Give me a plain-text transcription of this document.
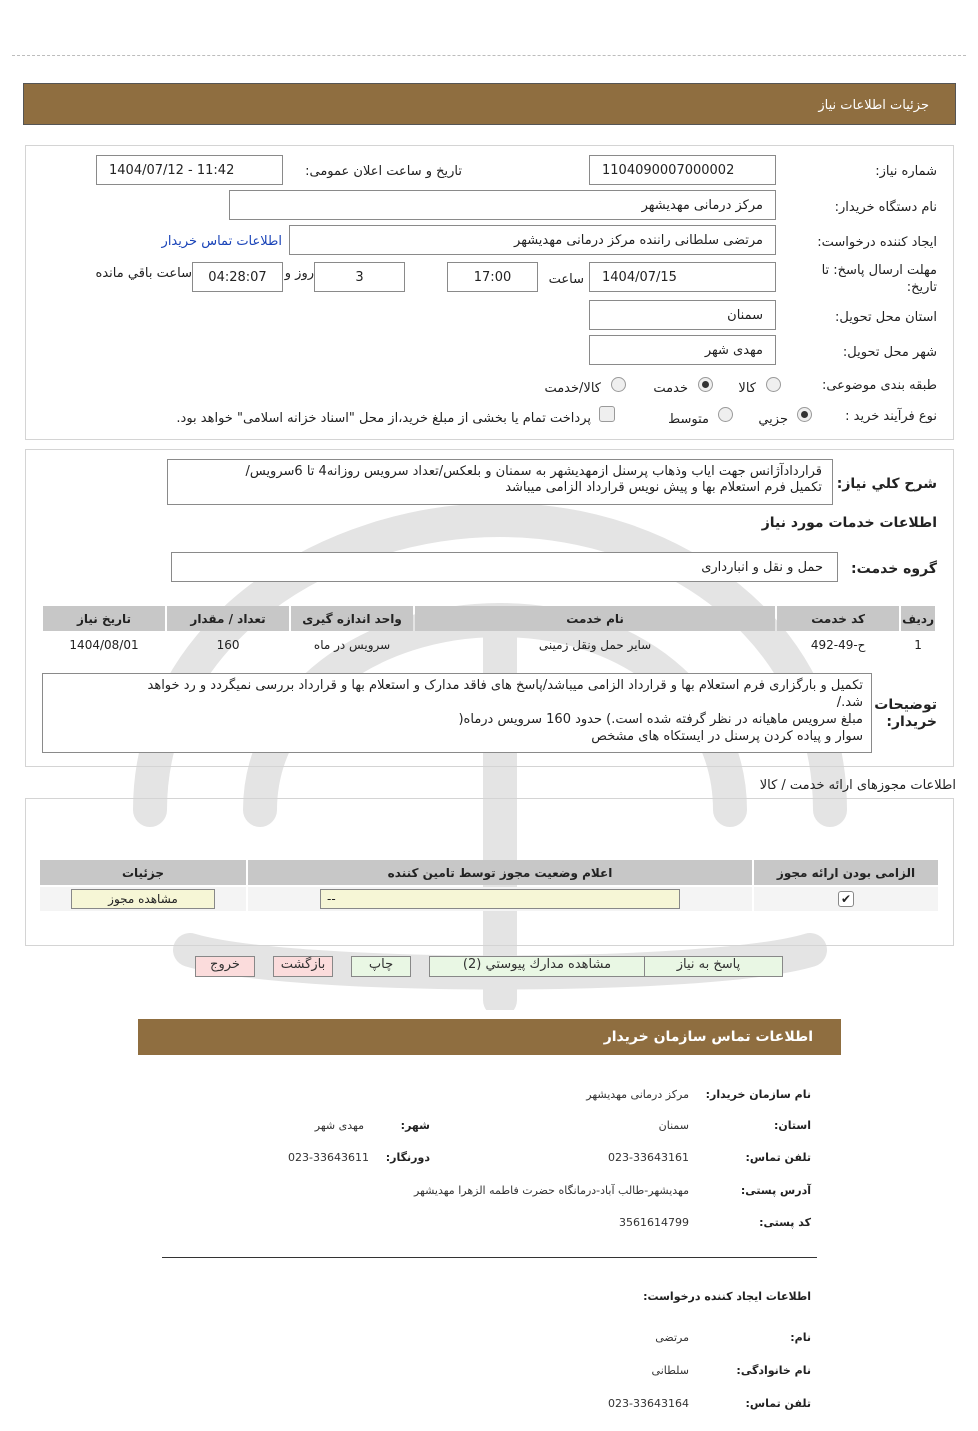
جزئیات اطلاعات نیاز
شماره نیاز:
1104090007000002
تاریخ و ساعت اعلان عمومی:
1404/07/12 - 11:42
نام دستگاه خریدار:
مرکز درمانی مهدیشهر
ایجاد کننده درخواست:
مرتضی سلطانی راننده مرکز درمانی مهدیشهر
اطلاعات تماس خریدار
مهلت ارسال پاسخ: تا
تاریخ:
1404/07/15
ساعت
17:00
3
روز و
04:28:07
ساعت باقي مانده
استان محل تحویل:
سمنان
شهر محل تحویل:
مهدی شهر
طبقه بندی موضوعی:
کالا
خدمت
کالا/خدمت
نوع فرآیند خرید :
جزيي
متوسط
پرداخت تمام یا بخشی از مبلغ خرید،از محل "اسناد خزانه اسلامی" خواهد بود.
شرح كلي نياز:
قراردادآژانس جهت ایاب وذهاب پرسنل ازمهدیشهر به سمنان و بلعکس/تعداد سرویس روزانه4 تا 6سرویس/
تکمیل فرم استعلام بها و پیش نویس قرارداد الزامی میباشد
اطلاعات خدمات مورد نياز
گروه خدمت:
حمل و نقل و انبارداری
رديف	کد خدمت	نام خدمت	واحد اندازه گیری	تعداد / مقدار	تاریخ نیاز
1	ح-49-492	سایر حمل ونقل زمینی	سرویس در ماه	160	1404/08/01
توضیحات
خریدار:
تکمیل و بارگزاری فرم استعلام بها و قرارداد الزامی میباشد/پاسخ های فاقد مدارک و استعلام بها و قرارداد بررسی نمیگردد و رد خواهد
شد./
مبلغ سرویس ماهیانه در نظر گرفته شده است.) حدود 160 سرویس درماه(
سوار و پیاده کردن پرسنل در ایستکاه های مشخص
اطلاعات مجوزهای ارائه خدمت / کالا
الزامی بودن ارائه مجوز	اعلام وضعیت مجوز توسط تامین کننده	جزئیات
✔	--	مشاهده مجوز
پاسخ به نیاز
مشاهده مدارك پيوستي (2)
چاپ
بازگشت
خروج
اطلاعات تماس سازمان خریدار
نام سازمان خریدار:
مرکز درمانی مهدیشهر
استان:
سمنان
شهر:
مهدی شهر
تلفن تماس:
023-33643161
دورنگار:
023-33643611
آدرس پستی:
مهدیشهر-طالب آباد-درمانگاه حضرت فاطمه الزهرا مهدیشهر
کد پستی:
3561614799
اطلاعات ایجاد کننده درخواست:
نام:
مرتضی
نام خانوادگی:
سلطانی
تلفن تماس:
023-33643164
